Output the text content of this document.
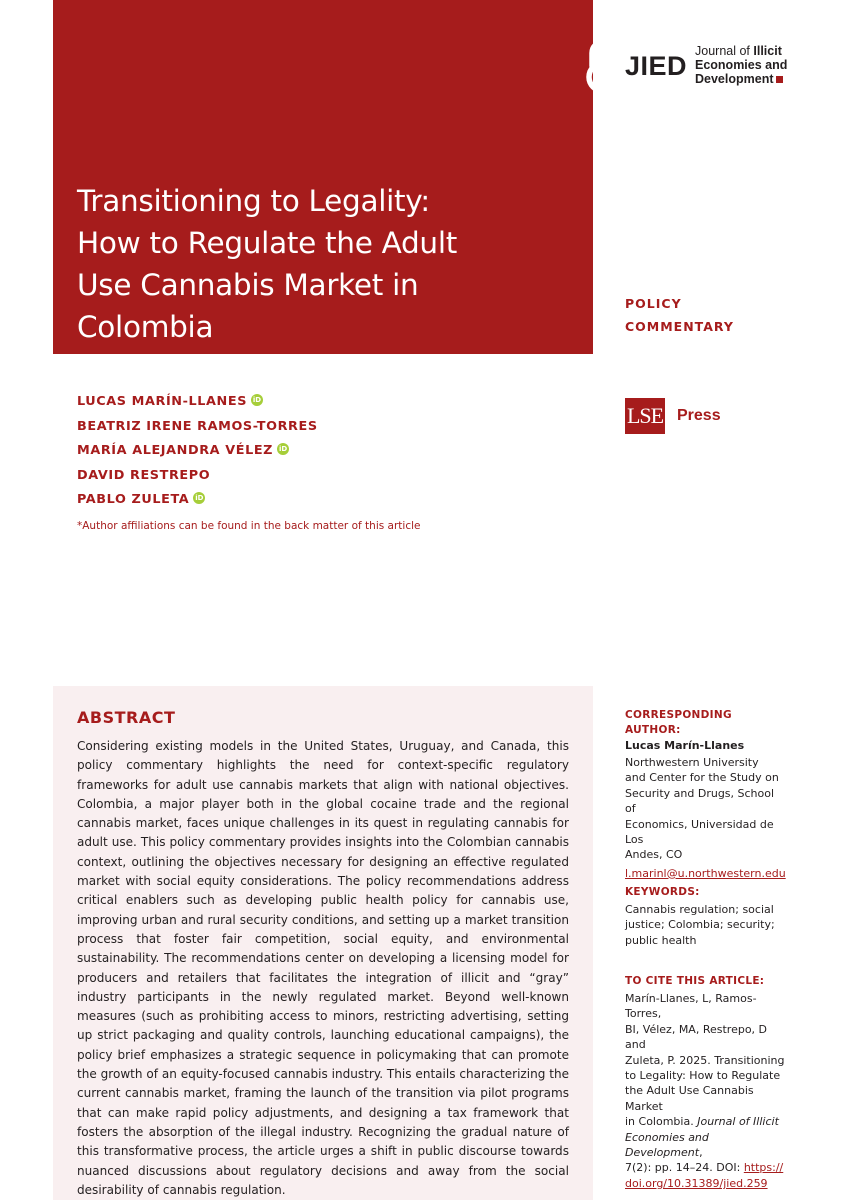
Transitioning to Legality:
How to Regulate the Adult
Use Cannabis Market in
Colombia
JIED Journal of Illicit
Economies and
Development
POLICY
COMMENTARY
LSE Press
LUCAS MARÍN-LLANES iD
BEATRIZ IRENE RAMOS-TORRES
MARÍA ALEJANDRA VÉLEZ iD
DAVID RESTREPO
PABLO ZULETA iD
*Author affiliations can be found in the back matter of this article
ABSTRACT

Considering existing models in the United States, Uruguay, and Canada, this policy commentary highlights the need for context-specific regulatory frameworks for adult use cannabis markets that align with national objectives. Colombia, a major player both in the global cocaine trade and the regional cannabis market, faces unique challenges in its quest in regulating cannabis for adult use. This policy commentary provides insights into the Colombian cannabis context, outlining the objectives necessary for designing an effective regulated market with social equity considerations. The policy recommendations address critical enablers such as developing public health policy for cannabis use, improving urban and rural security conditions, and setting up a market transition process that foster fair competition, social equity, and environmental sustainability. The recommendations center on developing a licensing model for producers and retailers that facilitates the integration of illicit and “gray” industry participants in the newly regulated market. Beyond well-known measures (such as prohibiting access to minors, restricting advertising, setting up strict packaging and quality controls, launching educational campaigns), the policy brief emphasizes a strategic sequence in policymaking that can promote the growth of an equity-focused cannabis industry. This entails characterizing the current cannabis market, framing the launch of the transition via pilot programs that can make rapid policy adjustments, and designing a tax framework that fosters the absorption of the illegal industry. Recognizing the gradual nature of this transformative process, the article urges a shift in public discourse towards nuanced discussions about regulatory decisions and away from the social desirability of cannabis regulation.

CORRESPONDING AUTHOR:
Lucas Marín-Llanes
Northwestern University
and Center for the Study on
Security and Drugs, School of
Economics, Universidad de Los
Andes, CO
l.marinl@u.northwestern.edu
KEYWORDS:
Cannabis regulation; social
justice; Colombia; security;
public health
TO CITE THIS ARTICLE:
Marín-Llanes, L, Ramos-Torres,
BI, Vélez, MA, Restrepo, D and
Zuleta, P. 2025. Transitioning
to Legality: How to Regulate
the Adult Use Cannabis Market
in Colombia. Journal of Illicit
Economies and Development,
7(2): pp. 14–24. DOI: https://
doi.org/10.31389/jied.259
